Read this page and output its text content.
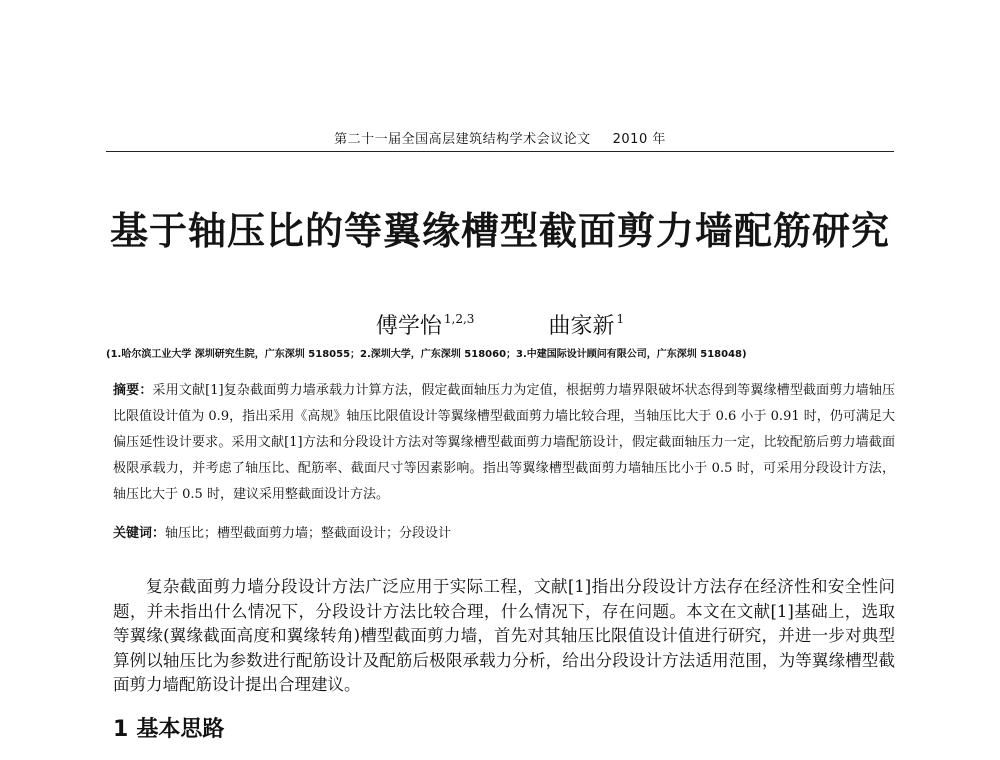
第二十一届全国高层建筑结构学术会议论文 2010 年
基于轴压比的等翼缘槽型截面剪力墙配筋研究
傅学怡 $^{1,2,3}$	曲家新 $^1$
(1.哈尔滨工业大学 深圳研究生院，广东深圳 518055；2.深圳大学，广东深圳 518060；3.中建国际设计顾问有限公司，广东深圳 518048)

摘要：采用文献[1]复杂截面剪力墙承载力计算方法，假定截面轴压力为定值，根据剪力墙界限破坏状态得到等翼缘槽型截面剪力墙轴压比限值设计值为 0.9，指出采用《高规》轴压比限值设计等翼缘槽型截面剪力墙比较合理，当轴压比大于 0.6 小于 0.91 时，仍可满足大偏压延性设计要求。采用文献[1]方法和分段设计方法对等翼缘槽型截面剪力墙配筋设计，假定截面轴压力一定，比较配筋后剪力墙截面极限承载力，并考虑了轴压比、配筋率、截面尺寸等因素影响。指出等翼缘槽型截面剪力墙轴压比小于 0.5 时，可采用分段设计方法，轴压比大于 0.5 时，建议采用整截面设计方法。

关键词：轴压比；槽型截面剪力墙；整截面设计；分段设计

复杂截面剪力墙分段设计方法广泛应用于实际工程，文献[1]指出分段设计方法存在经济性和安全性问题，并未指出什么情况下，分段设计方法比较合理，什么情况下，存在问题。本文在文献[1]基础上，选取等翼缘(翼缘截面高度和翼缘转角)槽型截面剪力墙，首先对其轴压比限值设计值进行研究，并进一步对典型算例以轴压比为参数进行配筋设计及配筋后极限承载力分析，给出分段设计方法适用范围，为等翼缘槽型截面剪力墙配筋设计提出合理建议。

1 基本思路
